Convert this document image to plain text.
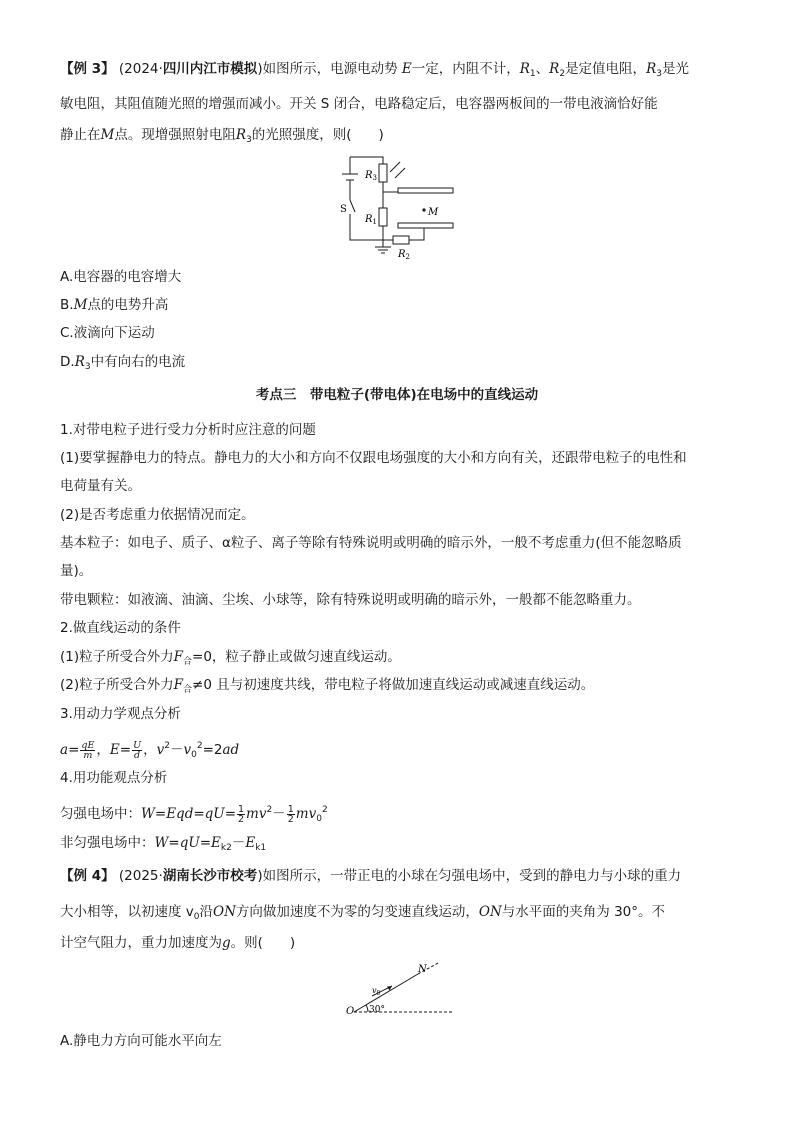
【例 3】 (2024·四川内江市模拟)如图所示，电源电动势 E一定，内阻不计，$R_1$、$R_2$是定值电阻，$R_3$是光
敏电阻，其阻值随光照的增强而减小。开关 S 闭合，电路稳定后，电容器两板间的一带电液滴恰好能
静止在M点。现增强照射电阻$R_3$的光照强度，则(　　)
$R_3$
$R_1$
$R_2$
S	M
A.电容器的电容增大
B.M点的电势升高
C.液滴向下运动
$D.R_3$中有向右的电流
考点三　带电粒子(带电体)在电场中的直线运动
1.对带电粒子进行受力分析时应注意的问题
(1)要掌握静电力的特点。静电力的大小和方向不仅跟电场强度的大小和方向有关，还跟带电粒子的电性和
电荷量有关。
(2)是否考虑重力依据情况而定。
基本粒子：如电子、质子、α粒子、离子等除有特殊说明或明确的暗示外，一般不考虑重力(但不能忽略质
量)。
带电颗粒：如液滴、油滴、尘埃、小球等，除有特殊说明或明确的暗示外，一般都不能忽略重力。
2.做直线运动的条件
(1)粒子所受合外力$F_合=0$，粒子静止或做匀速直线运动。
(2)粒子所受合外力$F_合\ne 0$ 且与初速度共线，带电粒子将做加速直线运动或减速直线运动。
3.用动力学观点分析
$a= \frac{qE}{m}$ ，$E= \frac{U}{d}$ ，$v^2-v_0^2=2ad$
4.用功能观点分析
匀强电场中：$W=Eqd=qU= \frac{1}{2} mv^2- \frac{1}{2} mv_0^2$
非匀强电场中：$W=qU=E_{k2}-E_{k1}$
【例 4】 (2025·湖南长沙市校考)如图所示，一带正电的小球在匀强电场中，受到的静电力与小球的重力
大小相等，以初速度 $v_0$沿ON方向做加速度不为零的匀变速直线运动，ON与水平面的夹角为 30°。不
计空气阻力，重力加速度为g。则(　　)
N
O
$v_0$
30°
A.静电力方向可能水平向左
